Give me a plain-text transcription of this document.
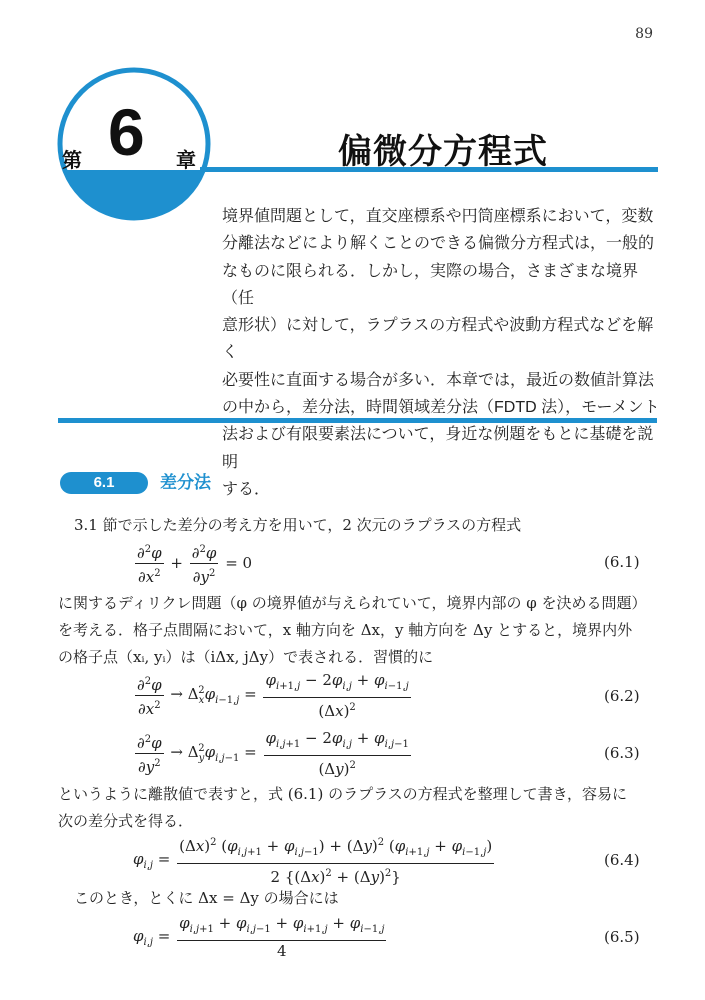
89
第 6 章	偏微分方程式
境界値問題として，直交座標系や円筒座標系において，変数
分離法などにより解くことのできる偏微分方程式は，一般的
なものに限られる．しかし，実際の場合，さまざまな境界（任
意形状）に対して，ラプラスの方程式や波動方程式などを解く
必要性に直面する場合が多い．本章では，最近の数値計算法
の中から，差分法，時間領域差分法（FDTD 法），モーメント
法および有限要素法について，身近な例題をもとに基礎を説明
する．
6.1	差分法
3.1 節で示した差分の考え方を用いて，2 次元のラプラスの方程式
$\frac{\partial^2\varphi}{\partial x^2} + \frac{\partial^2\varphi}{\partial y^2} = 0$	(6.1)
に関するディリクレ問題（φ の境界値が与えられていて，境界内部の φ を決める問題）
を考える．格子点間隔において，x 軸方向を Δx，y 軸方向を Δy とすると，境界内外
の格子点（xᵢ, yᵢ）は（iΔx, jΔy）で表される．習慣的に
$\frac{\partial^2\varphi}{\partial x^2} \to \Delta_x^2\varphi_{i-1,j} = \frac{\varphi_{i+1,j} - 2\varphi_{i,j} + \varphi_{i-1,j}}{(\Delta x)^2}$	(6.2)
$\frac{\partial^2\varphi}{\partial y^2} \to \Delta_y^2\varphi_{i,j-1} = \frac{\varphi_{i,j+1} - 2\varphi_{i,j} + \varphi_{i,j-1}}{(\Delta y)^2}$	(6.3)
というように離散値で表すと，式 (6.1) のラプラスの方程式を整理して書き，容易に
次の差分式を得る．
$\varphi_{i,j} = \frac{(\Delta x)^2 (\varphi_{i,j+1} + \varphi_{i,j-1}) + (\Delta y)^2 (\varphi_{i+1,j} + \varphi_{i-1,j})}{2 \{(\Delta x)^2 + (\Delta y)^2\}}$	(6.4)
このとき，とくに Δx = Δy の場合には
$\varphi_{i,j} = \frac{\varphi_{i,j+1} + \varphi_{i,j-1} + \varphi_{i+1,j} + \varphi_{i-1,j}}{4}$	(6.5)
